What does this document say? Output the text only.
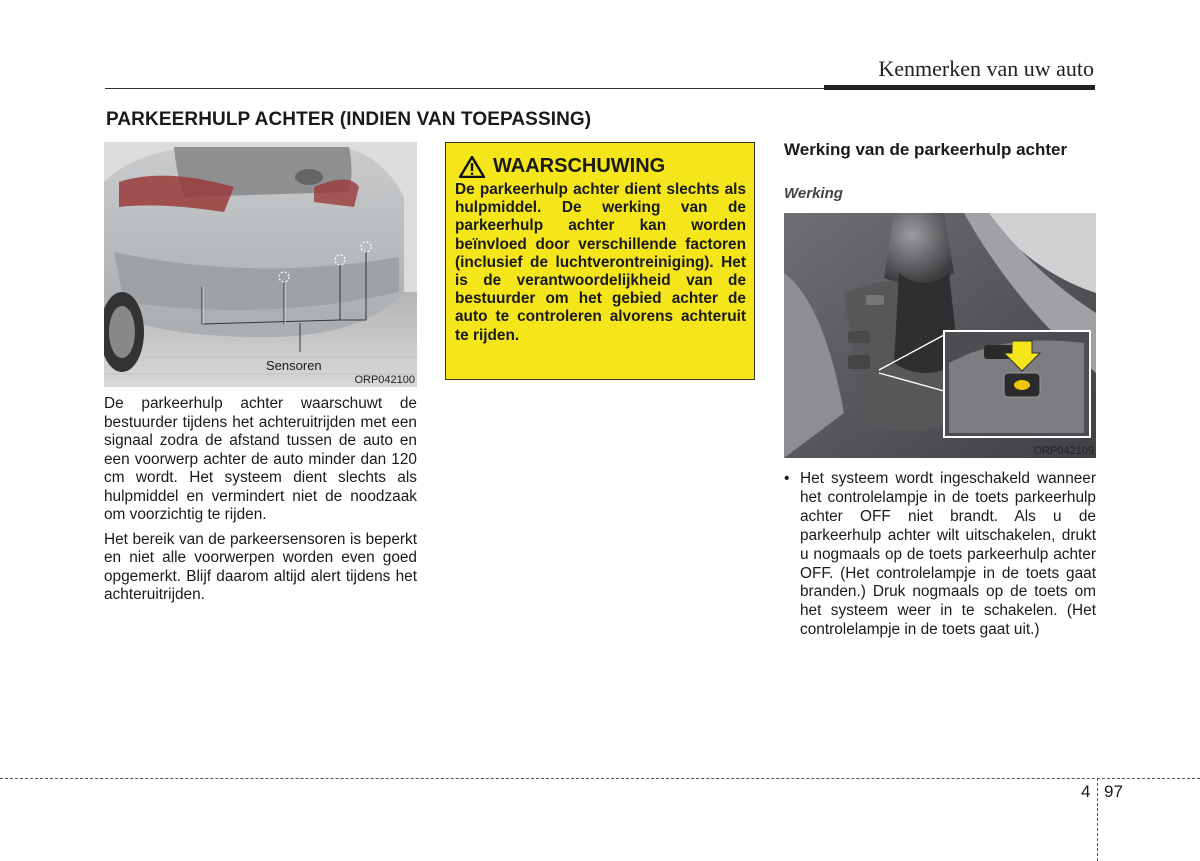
Kenmerken van uw auto
PARKEERHULP ACHTER (INDIEN VAN TOEPASSING)
Sensoren
ORP042100

De parkeerhulp achter waarschuwt de bestuurder tijdens het achteruitrijden met een signaal zodra de afstand tussen de auto en een voorwerp achter de auto minder dan 120 cm wordt. Het systeem dient slechts als hulpmiddel en vermindert niet de noodzaak om voorzichtig te rijden.

Het bereik van de parkeersensoren is beperkt en niet alle voorwerpen worden even goed opgemerkt. Blijf daarom altijd alert tijdens het achteruitrijden.

WAARSCHUWING
De parkeerhulp achter dient slechts als hulpmiddel. De werking van de parkeerhulp achter kan worden beïnvloed door verschillende factoren (inclusief de luchtverontreiniging). Het is de verantwoordelijkheid van de bestuurder om het gebied achter de auto te controleren alvorens achteruit te rijden.
Werking van de parkeerhulp achter
Werking
ORP042109
• Het systeem wordt ingeschakeld wanneer het controlelampje in de toets parkeerhulp achter OFF niet brandt. Als u de parkeerhulp achter wilt uitschakelen, drukt u nogmaals op de toets parkeerhulp achter OFF. (Het controlelampje in de toets gaat branden.) Druk nogmaals op de toets om het systeem weer in te schakelen. (Het controlelampje in de toets gaat uit.)
4 97
